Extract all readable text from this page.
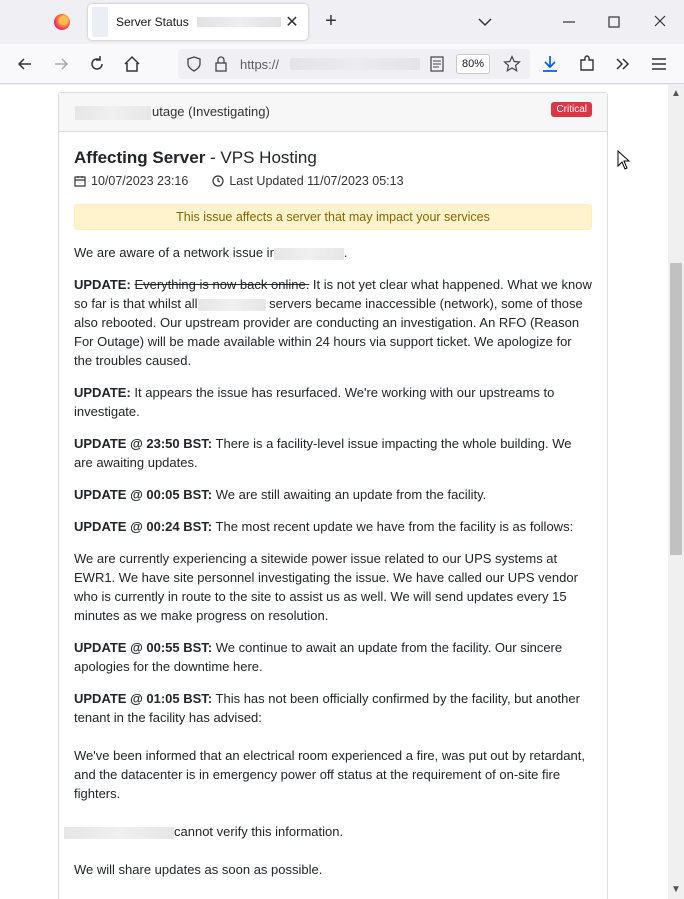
Server Status	✕ +
https://	80%
utage (Investigating)	Critical
Affecting Server - VPS Hosting
10/07/2023 23:16	Last Updated 11/07/2023 05:13
This issue affects a server that may impact your services

We are aware of a network issue ir	.

UPDATE: Everything is now back online. It is not yet clear what happened. What we know so far is that whilst all	servers became inaccessible (network), some of those also rebooted. Our upstream provider are conducting an investigation. An RFO (Reason For Outage) will be made available within 24 hours via support ticket. We apologize for the troubles caused.

UPDATE: It appears the issue has resurfaced. We're working with our upstreams to investigate.

UPDATE @ 23:50 BST: There is a facility-level issue impacting the whole building. We are awaiting updates.

UPDATE @ 00:05 BST: We are still awaiting an update from the facility.

UPDATE @ 00:24 BST: The most recent update we have from the facility is as follows:

We are currently experiencing a sitewide power issue related to our UPS systems at EWR1. We have site personnel investigating the issue. We have called our UPS vendor who is currently in route to the site to assist us as well. We will send updates every 15 minutes as we make progress on resolution.

UPDATE @ 00:55 BST: We continue to await an update from the facility. Our sincere apologies for the downtime here.

UPDATE @ 01:05 BST: This has not been officially confirmed by the facility, but another tenant in the facility has advised:

We've been informed that an electrical room experienced a fire, was put out by retardant, and the datacenter is in emergency power off status at the requirement of on-site fire fighters.

cannot verify this information.

We will share updates as soon as possible.

▲
▼
